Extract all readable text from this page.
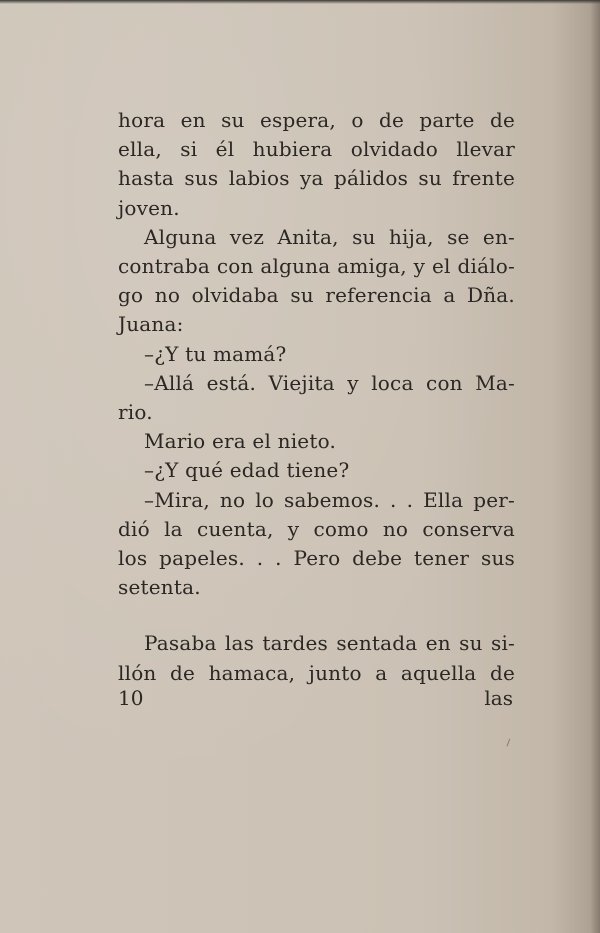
hora en su espera, o de parte de
ella, si él hubiera olvidado llevar
hasta sus labios ya pálidos su frente
joven.
Alguna vez Anita, su hija, se en-
contraba con alguna amiga, y el diálo-
go no olvidaba su referencia a Dña.
Juana:
–¿Y tu mamá?
–Allá está. Viejita y loca con Ma-
rio.
Mario era el nieto.
–¿Y qué edad tiene?
–Mira, no lo sabemos. . . Ella per-
dió la cuenta, y como no conserva
los papeles. . . Pero debe tener sus
setenta.
Pasaba las tardes sentada en su si-
llón de hamaca, junto a aquella de
10	las
